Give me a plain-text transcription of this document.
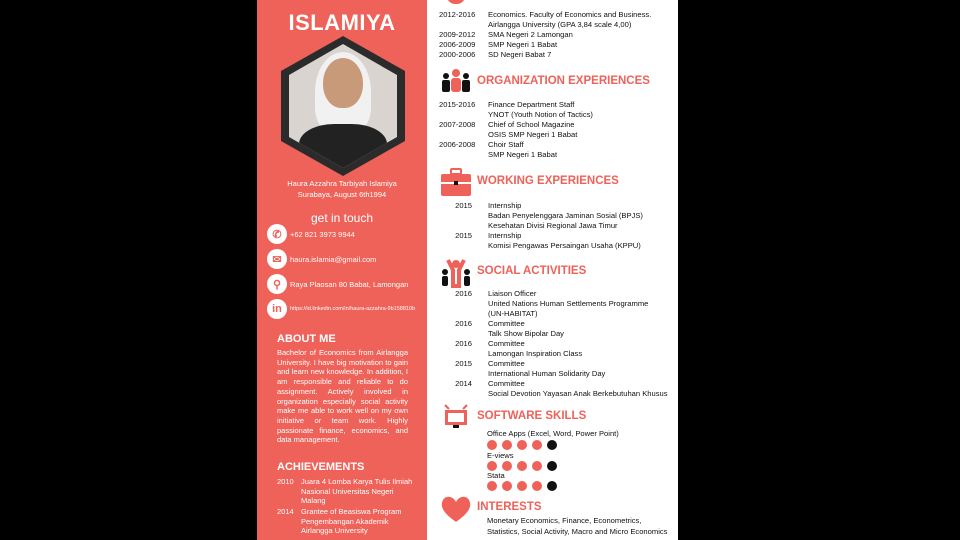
ISLAMIYA
Haura Azzahra Tarbiyah Islamiya
Surabaya, August 6th1994
get in touch
✆	+62 821 3973 9944
✉	haura.islamia@gmail.com
⚲	Raya Plaosan 80 Babat, Lamongan
in	https://id.linkedin.com/in/haura-azzahra-9b158810b
ABOUT ME
Bachelor of Economics from Airlangga University. I have big motivation to gain and learn new knowledge. In addition, I am responsible and reliable to do assignment. Actively involved in organization especially social activity make me able to work well on my own initiative or team work. Highly passionate finance, economics, and data management.
ACHIEVEMENTS
2010 Juara 4 Lomba Karya Tulis Ilmiah Nasional Universitas Negeri Malang
2014 Grantee of Beasiswa Program Pengembangan Akademik Airlangga University
2012-2016	Economics. Faculty of Economics and Business.
Airlangga University (GPA 3,84 scale 4,00)
2009-2012	SMA Negeri 2 Lamongan
2006-2009	SMP Negeri 1 Babat
2000-2006	SD Negeri Babat 7
ORGANIZATION EXPERIENCES
2015-2016	Finance Department Staff
YNOT (Youth Notion of Tactics)
2007-2008	Chief of School Magazine
OSIS SMP Negeri 1 Babat
2006-2008	Choir Staff
SMP Negeri 1 Babat
WORKING EXPERIENCES
2015	Internship
Badan Penyelenggara Jaminan Sosial (BPJS)
Kesehatan Divisi Regional Jawa Timur
2015	Internship
Komisi Pengawas Persaingan Usaha (KPPU)
SOCIAL ACTIVITIES
2016	Liaison Officer
United Nations Human Settlements Programme
(UN-HABITAT)
2016	Committee
Talk Show Bipolar Day
2016	Committee
Lamongan Inspiration Class
2015	Committee
International Human Solidarity Day
2014	Committee
Social Devotion Yayasan Anak Berkebutuhan Khusus
SOFTWARE SKILLS
Office Apps (Excel, Word, Power Point)
E-views
Stata
INTERESTS
Monetary Economics, Finance, Econometrics,
Statistics, Social Activity, Macro and Micro Economics
